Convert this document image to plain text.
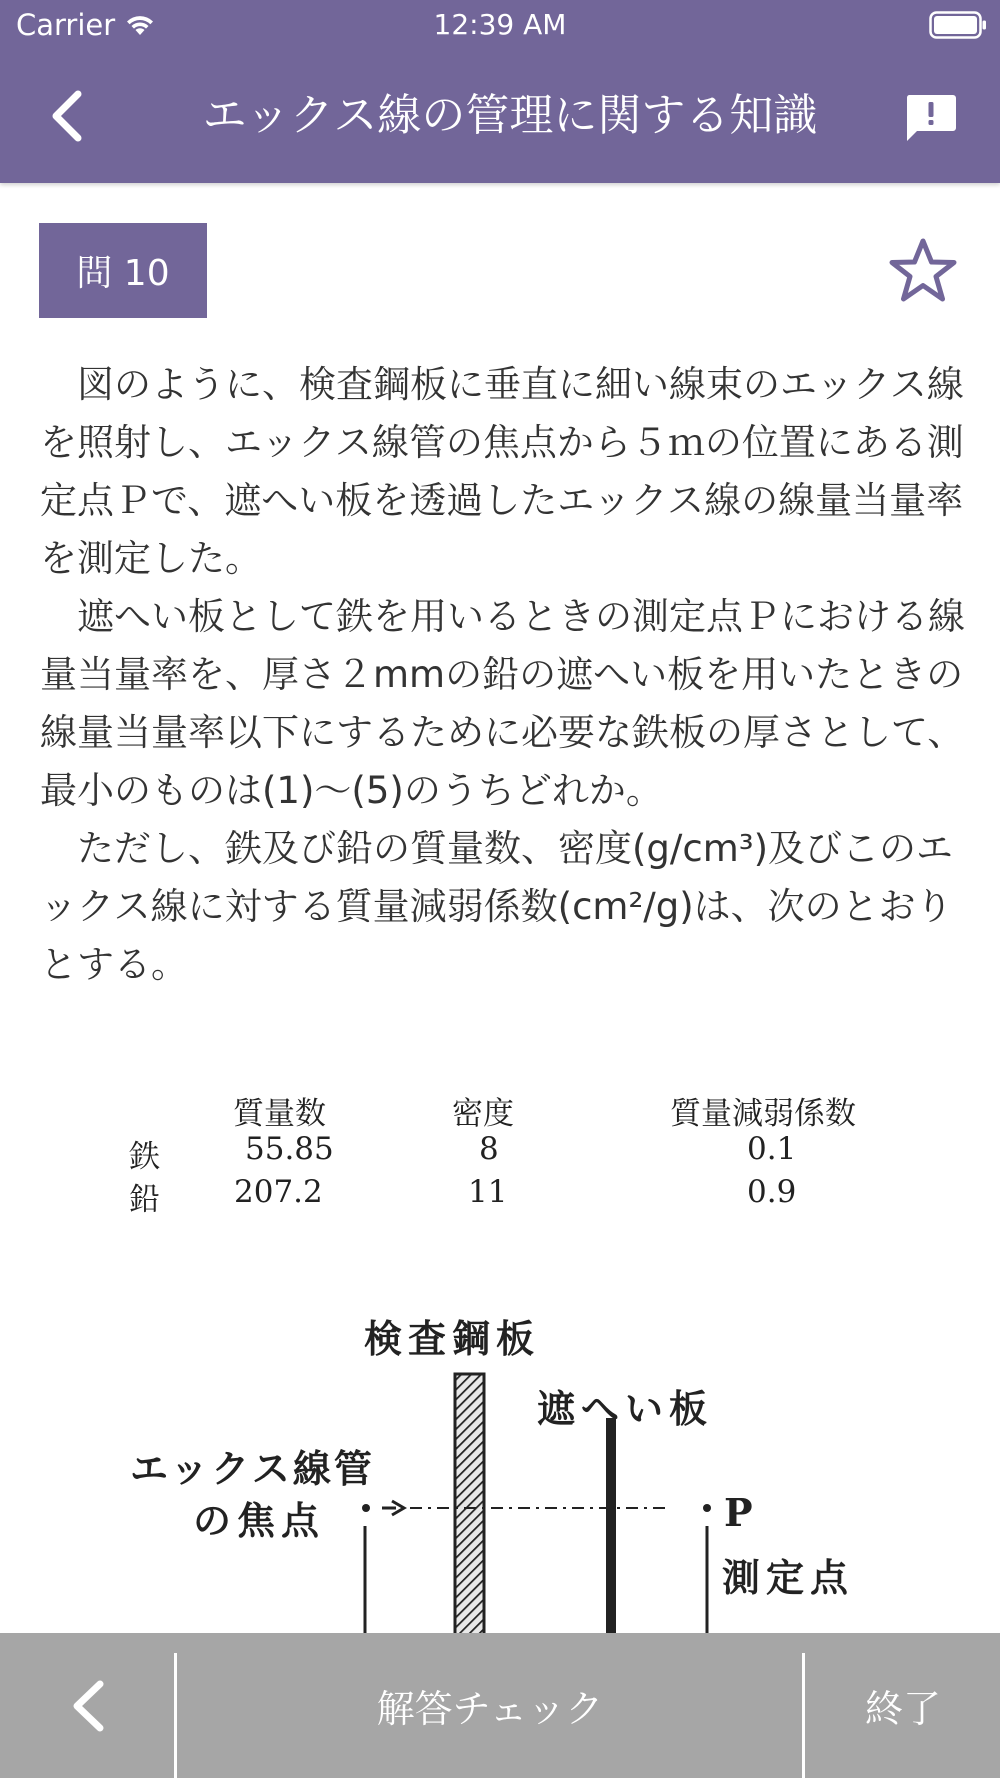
Carrier	12:39 AM
エックス線の管理に関する知識
問 10

図のように、検査鋼板に垂直に細い線束のエックス線を照射し、エックス線管の焦点から５ｍの位置にある測定点Ｐで、遮へい板を透過したエックス線の線量当量率を測定した。

遮へい板として鉄を用いるときの測定点Ｐにおける線量当量率を、厚さ２mmの鉛の遮へい板を用いたときの線量当量率以下にするために必要な鉄板の厚さとして、最小のものは(1)～(5)のうちどれか。

ただし、鉄及び鉛の質量数、密度(g/cm³)及びこのエックス線に対する質量減弱係数(cm²/g)は、次のとおりとする。

質量数	密度	質量減弱係数
鉄	55.85	8	0.1
鉛 207.2	11	0.9
検査鋼板
遮へい板
エックス線管
の焦点	P
測定点
解答チェック	終了
